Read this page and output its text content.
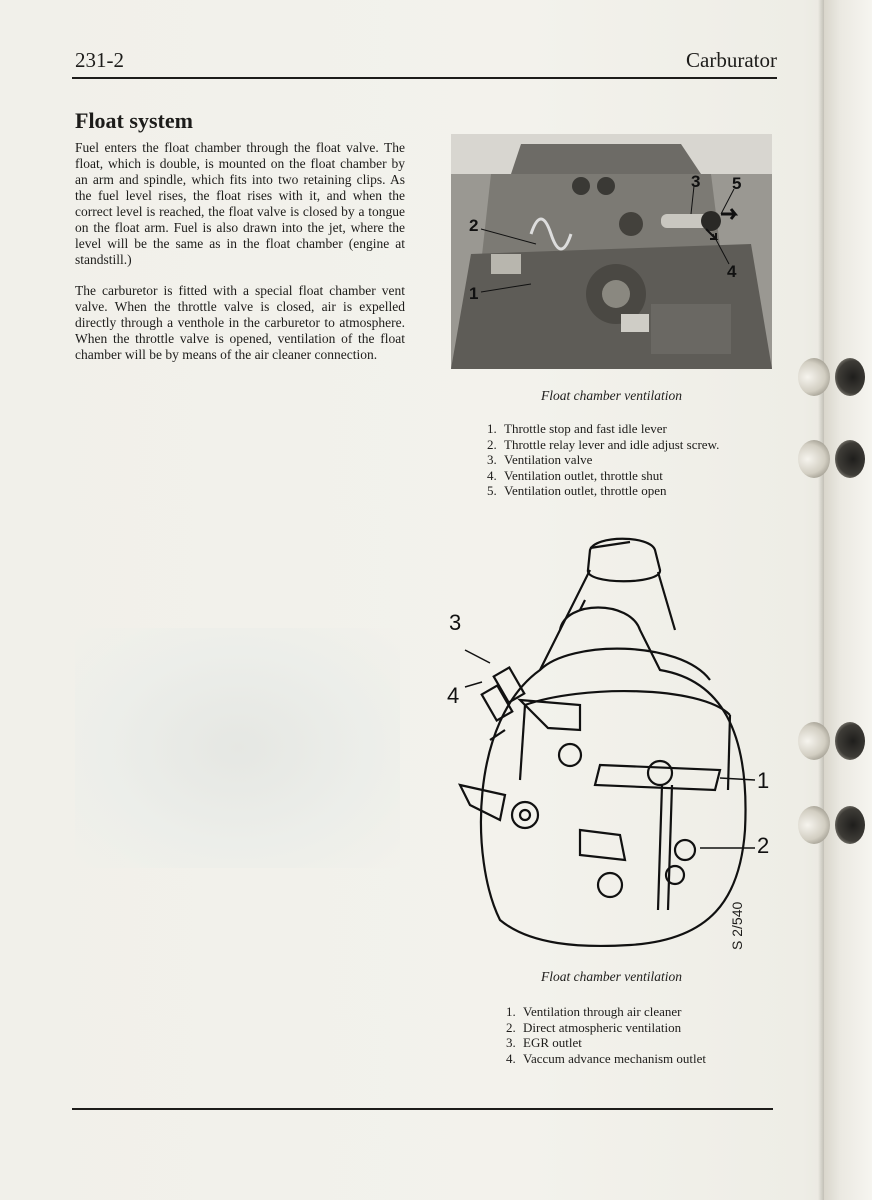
231-2	Carburator
Float system

Fuel enters the float chamber through the float valve. The float, which is double, is mounted on the float chamber by an arm and spindle, which fits into two retaining clips. As the fuel level rises, the float rises with it, and when the correct level is reached, the float valve is closed by a tongue on the float arm. Fuel is also drawn into the jet, where the level will be the same as in the float chamber (engine at standstill.)

The carburetor is fitted with a special float chamber vent valve. When the throttle valve is closed, air is expelled directly through a venthole in the carburetor to atmosphere. When the throttle valve is opened, ventilation of the float chamber will be by means of the air cleaner connection.

2
1
3 5
4
Float chamber ventilation
1. Throttle stop and fast idle lever
2. Throttle relay lever and idle adjust screw.
3. Ventilation valve
4. Ventilation outlet, throttle shut
5. Ventilation outlet, throttle open
3
4
1
2
S 2/540
Float chamber ventilation
1. Ventilation through air cleaner
2. Direct atmospheric ventilation
3. EGR outlet
4. Vaccum advance mechanism outlet
